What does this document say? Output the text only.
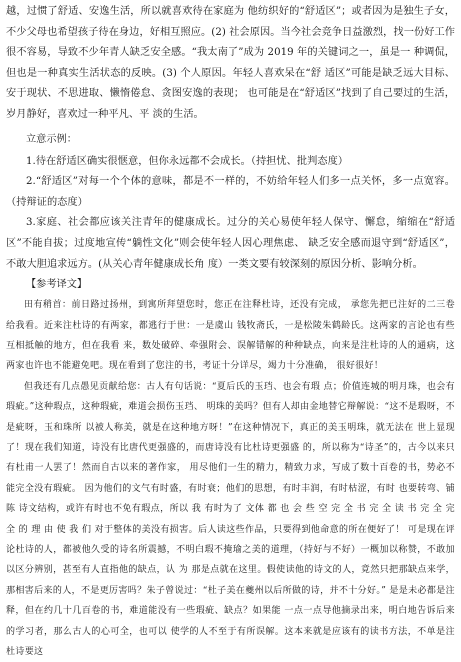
越，过惯了舒适、安逸生活，所以就喜欢待在家庭为 他纺织好的“舒适区”；或者因为是独生子女，不少父母也希望孩子待在身边，好相互照应。(2) 社会原因。当今社会竞争日益激烈，找一份好工作很不容易，导致不少年青人缺乏安全感。“我太南了”成为 2019 年的关键词之一，虽是一 种调侃，但也是一种真实生活状态的反映。(3) 个人原因。年轻人喜欢呆在“舒 适区”可能是缺乏远大目标、安于现状、不思进取、懒惰倦怠、贪图安逸的表现； 也可能是在“舒适区”找到了自己要过的生活，岁月静好，喜欢过一种平凡、平 淡的生活。

立意示例：

1.待在舒适区确实很惬意，但你永远都不会成长。（持担忧、批判态度）

2.“舒适区”对每一个个体的意味，都是不一样的，不妨给年轻人们多一点关怀，多一点宽容。（持辩证的态度）

3.家庭、社会都应该关注青年的健康成长。过分的关心易使年轻人保守、懈怠，缩缩在“舒适区”不能自拔；过度地宣传“躺性文化”则会使年轻人因心理焦虑、 缺乏安全感而退守到“舒适区”，不敢大胆追求远方。(从关心青年健康成长角 度）一类文要有较深刻的原因分析、影响分析。

【参考译文】

田有稍首：前日路过扬州，到寓所拜望您时，您正在注释杜诗，还没有完成， 承您先把已注好的二三卷给我看。近来注杜诗的有两家，都逃行于世：一是虞山 钱牧斋氏，一是松陵朱鹤龄氏。这两家的言论也有些互相抵触的地方，但在我看 来，数处破碎、牵强附会、误解错解的种种缺点，向来是注杜诗的人的通病，这 两家也许也不能避免吧。现在看到了您注的书，考证十分详尽，竭力十分准确， 很好很好！

但我还有几点愚见贡献给您：古人有句话说：“夏后氏的玉珰、也会有瑕 点；价值连城的明月珠，也会有瑕疵。”这种瑕点，这种瑕疵，难道会损伤玉珰、 明珠的美吗？但有人却由金地替它辩解说：“这不是瑕呀，不是疵呀，玉和珠所 以被人称美，就是在这种地方呀！”在这种情况下，真正的美玉明珠，就无法在 世上显现了！现在我们知道，诗没有比唐代更强盛的，而唐诗没有比杜诗更强盛 的，所以称为“诗圣”的，古今以来只有杜甫一人罢了！然而自古以来的著作家， 用尽他们一生的精力，精致力求，写成了数十百卷的书，势必不能完全没有瑕疵。 因为他们的文气有时盛，有时衰；他们的思想，有时丰润，有时枯涩，有时 也要转弯、铺陈 诗文结构，或许有时也不免有瑕点，所以 我 有时为了 文体 都 也 会 些 空 完 全 书 完 全 读 书 完 全 完 全 的 理 由 使 我 们 对于整体的美没有损害。后人读这些作品，只要得到他命意的所在便好了！ 可是现在评论杜诗的人，都被他久受的诗名所震撼，不明白瑕不掩瑜之美的道理，（持好与不好）一概加以称赞，不敢加以区分辨别，甚至有人直指他的缺点，认 为 那是点就在这里。假使读他的诗文的人，竟然只把那缺点来学，那相害后来的人，不是更厉害吗？朱子曾说过：“杜子美在夔州以后所做的诗，并不十分好。” 是是未必都是注释，但在约几十几百卷的书，难道能没有一些瑕疵、缺点？如果能 一点一点导他摘录出来，明白地告诉后来的学习者，那么古人的心可全，也可以 使学的人不至于有所误解。这本来就是应该有的读书方法，不单是注杜诗要这
